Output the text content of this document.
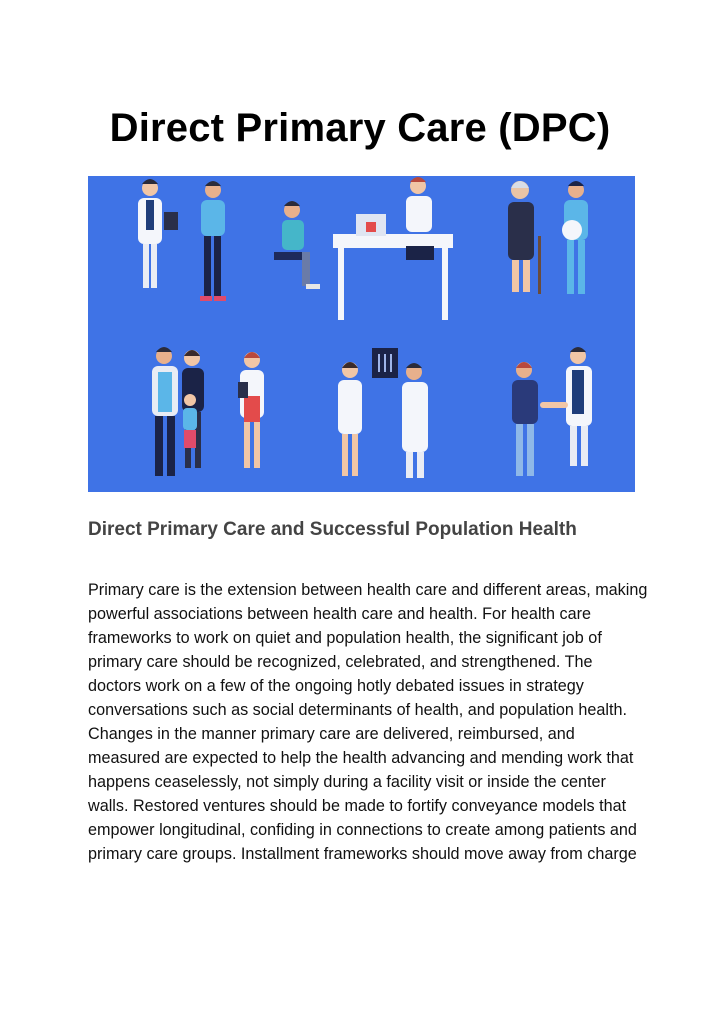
Direct Primary Care (DPC)
Direct Primary Care and Successful Population Health

Primary care is the extension between health care and different areas, making powerful associations between health care and health. For health care frameworks to work on quiet and population health, the significant job of primary care should be recognized, celebrated, and strengthened. The doctors work on a few of the ongoing hotly debated issues in strategy conversations such as social determinants of health, and population health.

Changes in the manner primary care are delivered, reimbursed, and measured are expected to help the health advancing and mending work that happens ceaselessly, not simply during a facility visit or inside the center walls. Restored ventures should be made to fortify conveyance models that empower longitudinal, confiding in connections to create among patients and primary care groups. Installment frameworks should move away from charge
